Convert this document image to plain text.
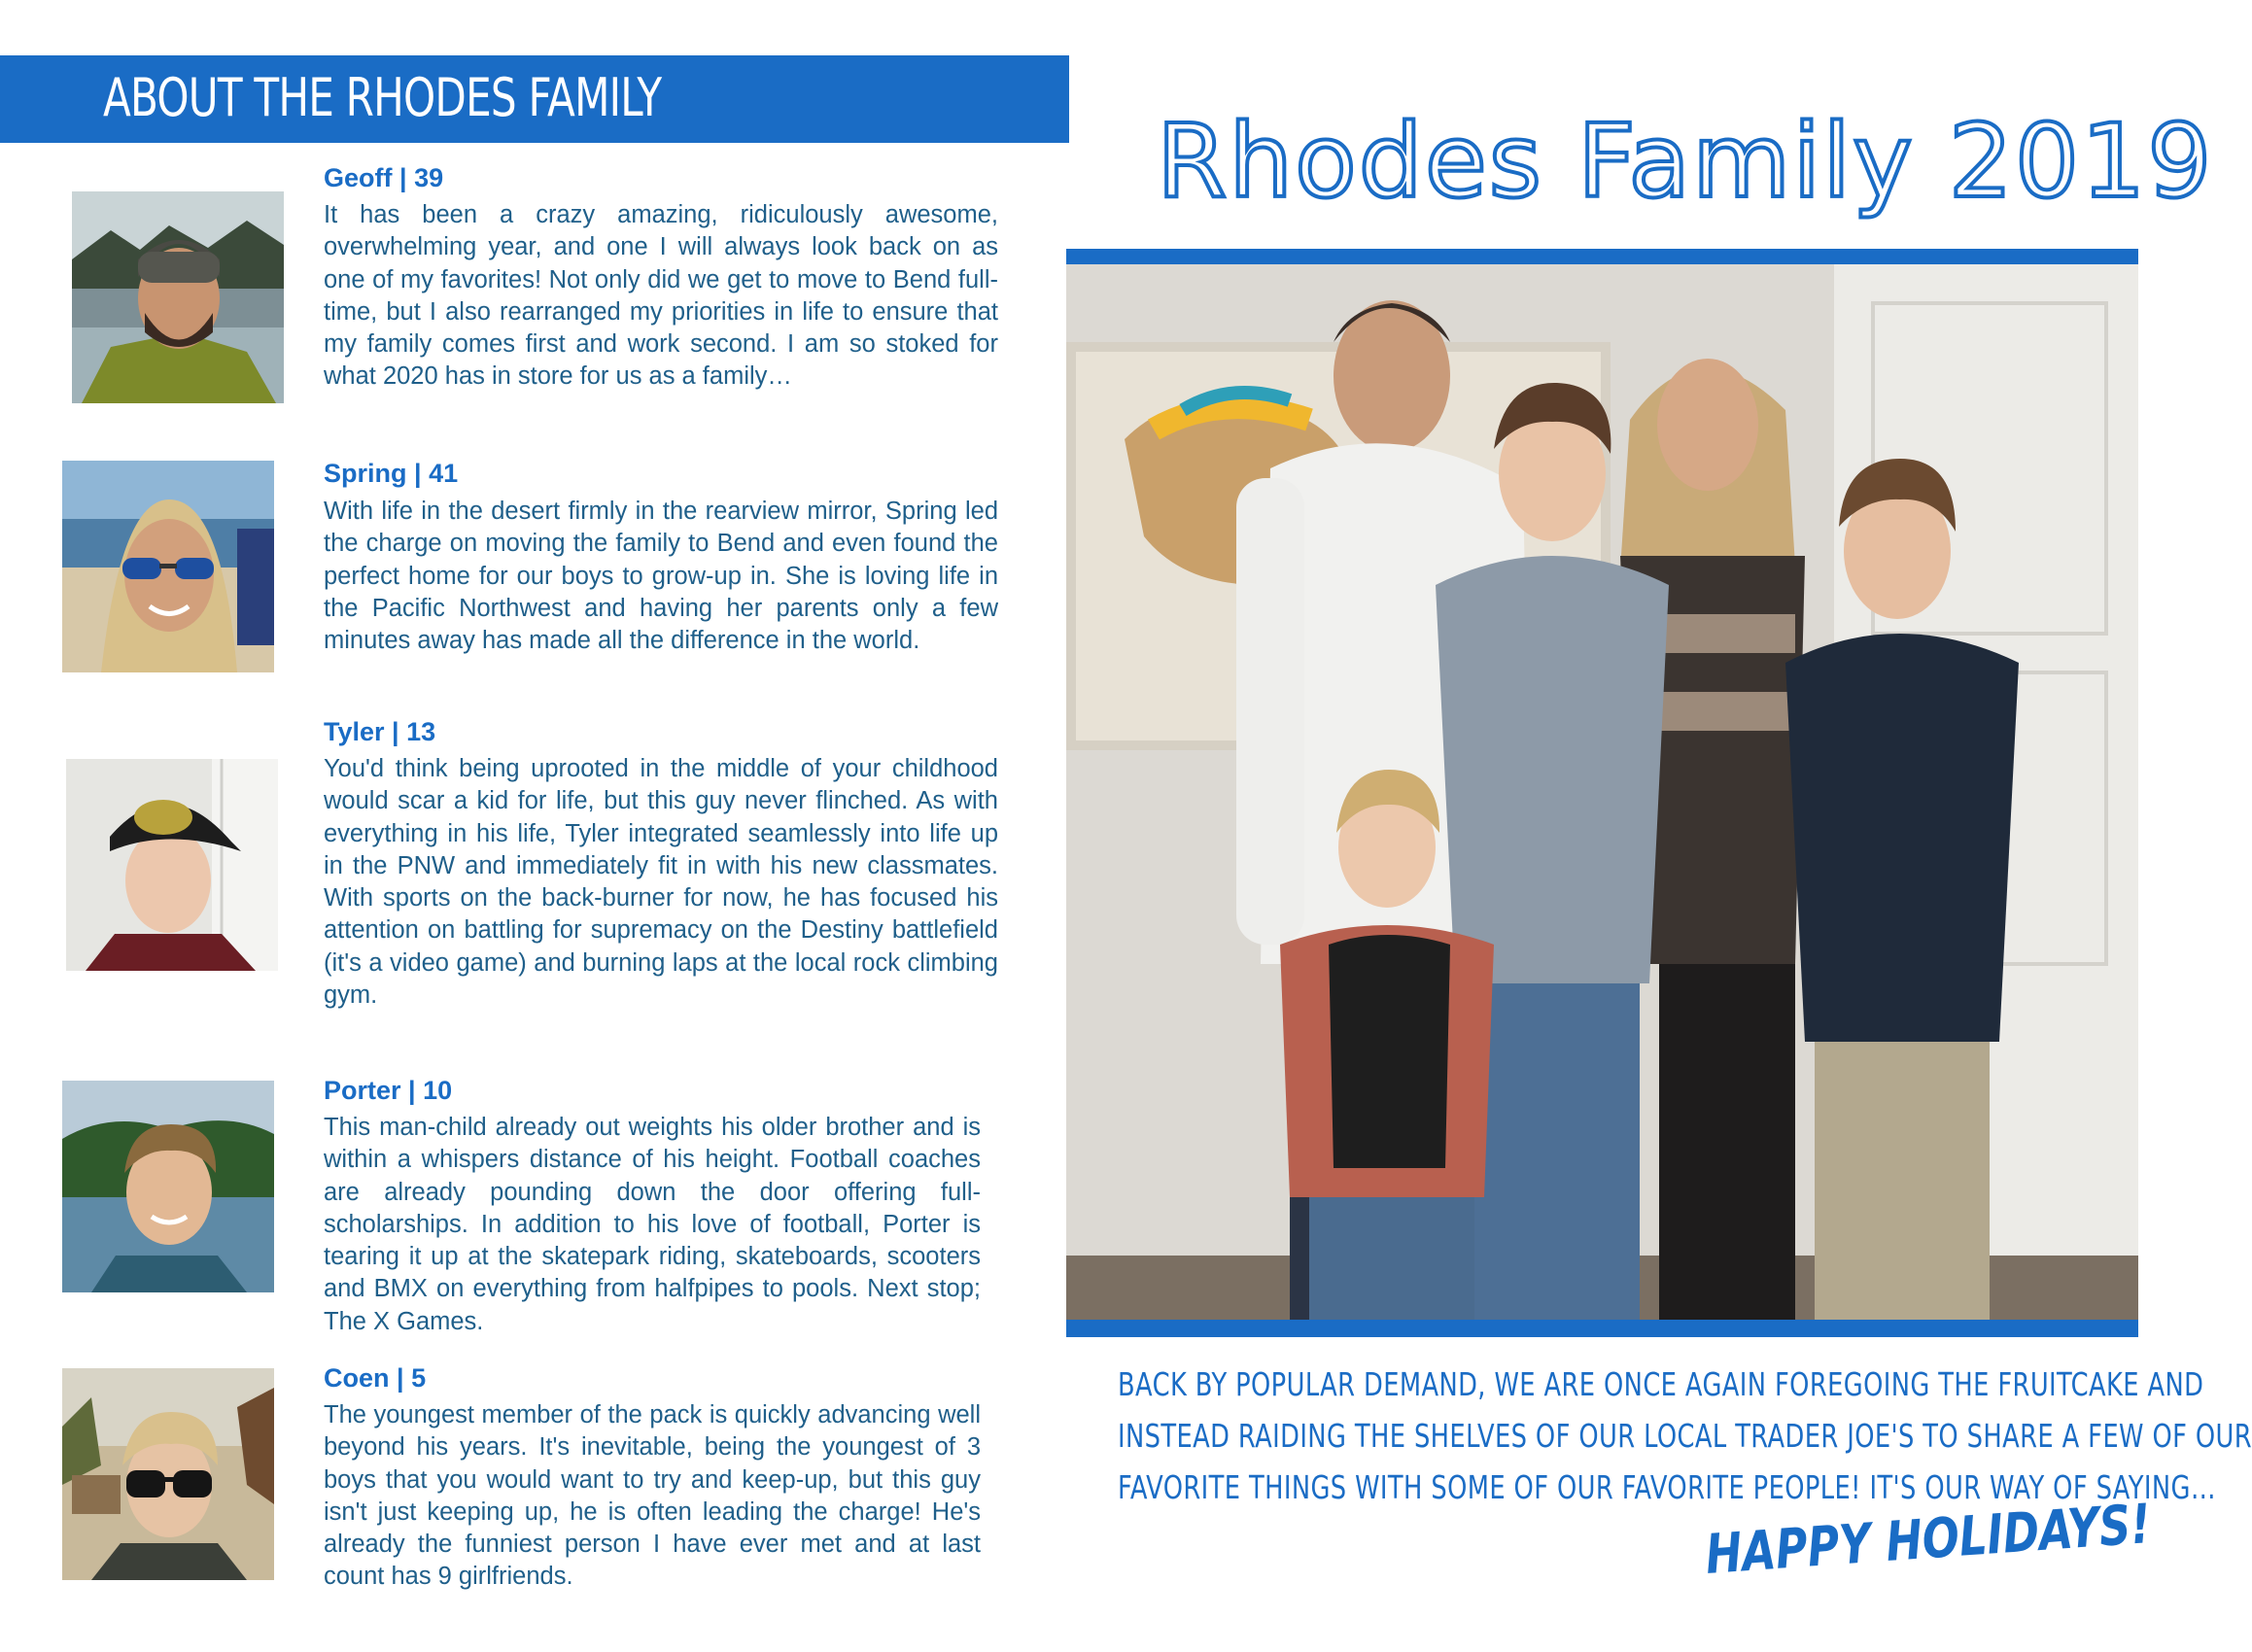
ABOUT THE RHODES FAMILY
Geoff | 39
It has been a crazy amazing, ridiculously awesome, overwhelming year, and one I will always look back on as one of my favorites! Not only did we get to move to Bend full-time, but I also rearranged my priorities in life to ensure that my family comes first and work second. I am so stoked for what 2020 has in store for us as a family…
Spring | 41
With life in the desert firmly in the rearview mirror, Spring led the charge on moving the family to Bend and even found the perfect home for our boys to grow-up in. She is loving life in the Pacific Northwest and having her parents only a few minutes away has made all the difference in the world.
Tyler | 13
You'd think being uprooted in the middle of your childhood would scar a kid for life, but this guy never flinched. As with everything in his life, Tyler integrated seamlessly into life up in the PNW and immediately fit in with his new classmates. With sports on the back-burner for now, he has focused his attention on battling for supremacy on the Destiny battlefield (it's a video game) and burning laps at the local rock climbing gym.
Porter | 10
This man-child already out weights his older brother and is within a whispers distance of his height. Football coaches are already pounding down the door offering full-scholarships. In addition to his love of football, Porter is tearing it up at the skatepark riding, skateboards, scooters and BMX on everything from halfpipes to pools. Next stop; The X Games.
Coen | 5
The youngest member of the pack is quickly advancing well beyond his years. It's inevitable, being the youngest of 3 boys that you would want to try and keep-up, but this guy isn't just keeping up, he is often leading the charge! He's already the funniest person I have ever met and at last count has 9 girlfriends.
Rhodes Family 2019
BACK BY POPULAR DEMAND, WE ARE ONCE AGAIN FOREGOING THE FRUITCAKE AND
INSTEAD RAIDING THE SHELVES OF OUR LOCAL TRADER JOE'S TO SHARE A FEW OF OUR
FAVORITE THINGS WITH SOME OF OUR FAVORITE PEOPLE! IT'S OUR WAY OF SAYING…
HAPPY HOLIDAYS!
